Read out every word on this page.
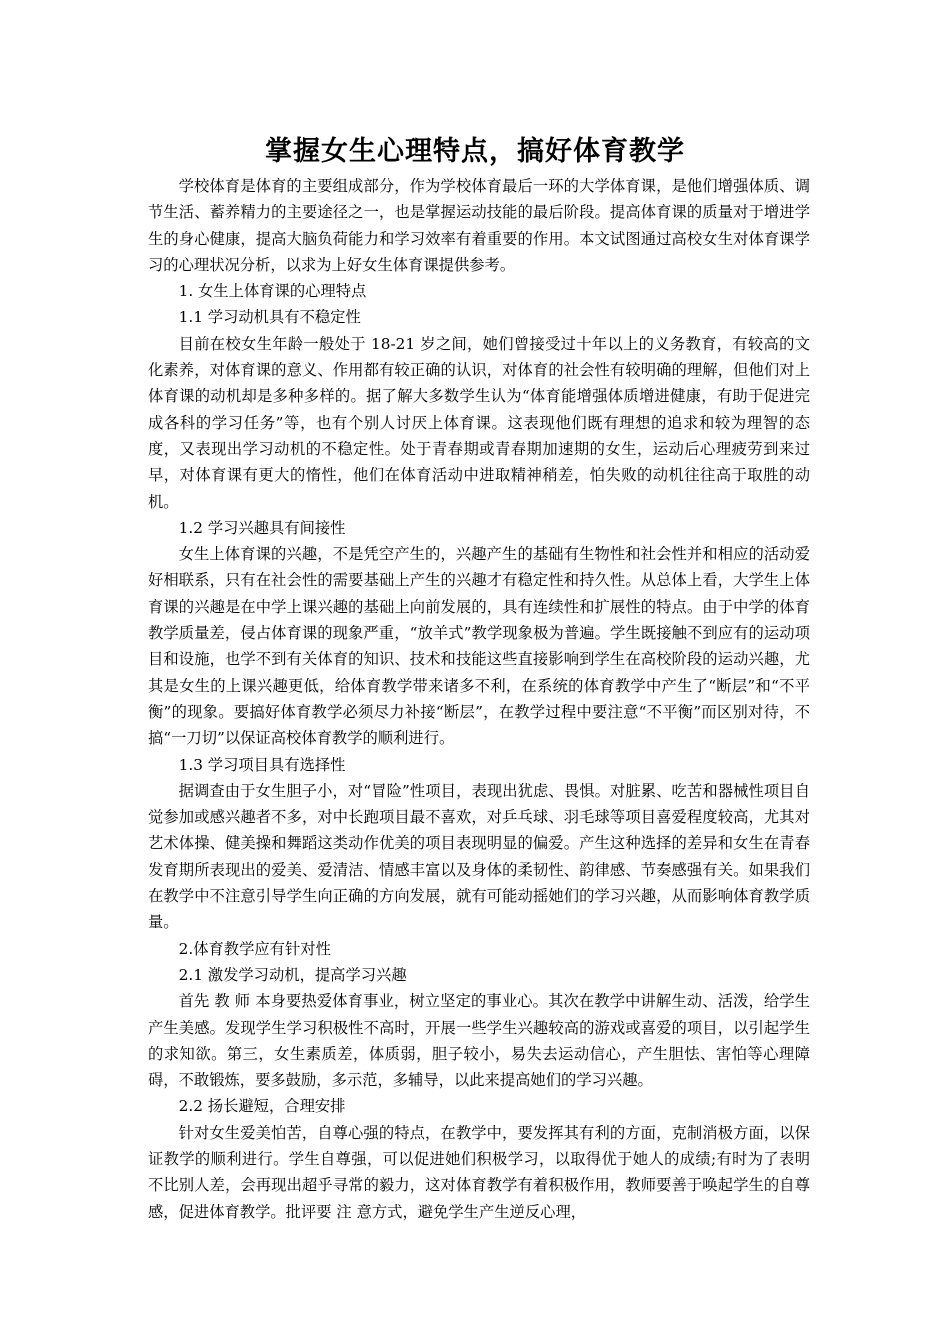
掌握女生心理特点，搞好体育教学

学校体育是体育的主要组成部分，作为学校体育最后一环的大学体育课，是他们增强体质、调节生活、蓄养精力的主要途径之一，也是掌握运动技能的最后阶段。提高体育课的质量对于增进学生的身心健康，提高大脑负荷能力和学习效率有着重要的作用。本文试图通过高校女生对体育课学习的心理状况分析，以求为上好女生体育课提供参考。

1. 女生上体育课的心理特点

1.1 学习动机具有不稳定性

目前在校女生年龄一般处于 18-21 岁之间，她们曾接受过十年以上的义务教育，有较高的文化素养，对体育课的意义、作用都有较正确的认识，对体育的社会性有较明确的理解，但他们对上体育课的动机却是多种多样的。据了解大多数学生认为“体育能增强体质增进健康，有助于促进完成各科的学习任务”等，也有个别人讨厌上体育课。这表现他们既有理想的追求和较为理智的态度，又表现出学习动机的不稳定性。处于青春期或青春期加速期的女生，运动后心理疲劳到来过早，对体育课有更大的惰性，他们在体育活动中进取精神稍差，怕失败的动机往往高于取胜的动机。

1.2 学习兴趣具有间接性

女生上体育课的兴趣，不是凭空产生的，兴趣产生的基础有生物性和社会性并和相应的活动爱好相联系，只有在社会性的需要基础上产生的兴趣才有稳定性和持久性。从总体上看，大学生上体育课的兴趣是在中学上课兴趣的基础上向前发展的，具有连续性和扩展性的特点。由于中学的体育教学质量差，侵占体育课的现象严重，“放羊式”教学现象极为普遍。学生既接触不到应有的运动项目和设施，也学不到有关体育的知识、技术和技能这些直接影响到学生在高校阶段的运动兴趣，尤其是女生的上课兴趣更低，给体育教学带来诸多不利，在系统的体育教学中产生了“断层”和“不平衡”的现象。要搞好体育教学必须尽力补接“断层”，在教学过程中要注意“不平衡”而区别对待，不搞“一刀切”以保证高校体育教学的顺利进行。

1.3 学习项目具有选择性

据调查由于女生胆子小，对“冒险”性项目，表现出犹虑、畏惧。对脏累、吃苦和器械性项目自觉参加或感兴趣者不多，对中长跑项目最不喜欢，对乒乓球、羽毛球等项目喜爱程度较高，尤其对艺术体操、健美操和舞蹈这类动作优美的项目表现明显的偏爱。产生这种选择的差异和女生在青春发育期所表现出的爱美、爱清洁、情感丰富以及身体的柔韧性、韵律感、节奏感强有关。如果我们在教学中不注意引导学生向正确的方向发展，就有可能动摇她们的学习兴趣，从而影响体育教学质量。

2.体育教学应有针对性

2.1 激发学习动机，提高学习兴趣

首先 教 师 本身要热爱体育事业，树立坚定的事业心。其次在教学中讲解生动、活泼，给学生产生美感。发现学生学习积极性不高时，开展一些学生兴趣较高的游戏或喜爱的项目，以引起学生的求知欲。第三，女生素质差，体质弱，胆子较小，易失去运动信心，产生胆怯、害怕等心理障碍，不敢锻炼，要多鼓励，多示范，多辅导，以此来提高她们的学习兴趣。

2.2 扬长避短，合理安排

针对女生爱美怕苦，自尊心强的特点，在教学中，要发挥其有利的方面，克制消极方面，以保证教学的顺利进行。学生自尊强，可以促进她们积极学习，以取得优于她人的成绩;有时为了表明不比别人差，会再现出超乎寻常的毅力，这对体育教学有着积极作用，教师要善于唤起学生的自尊感，促进体育教学。批评要 注 意方式，避免学生产生逆反心理，
